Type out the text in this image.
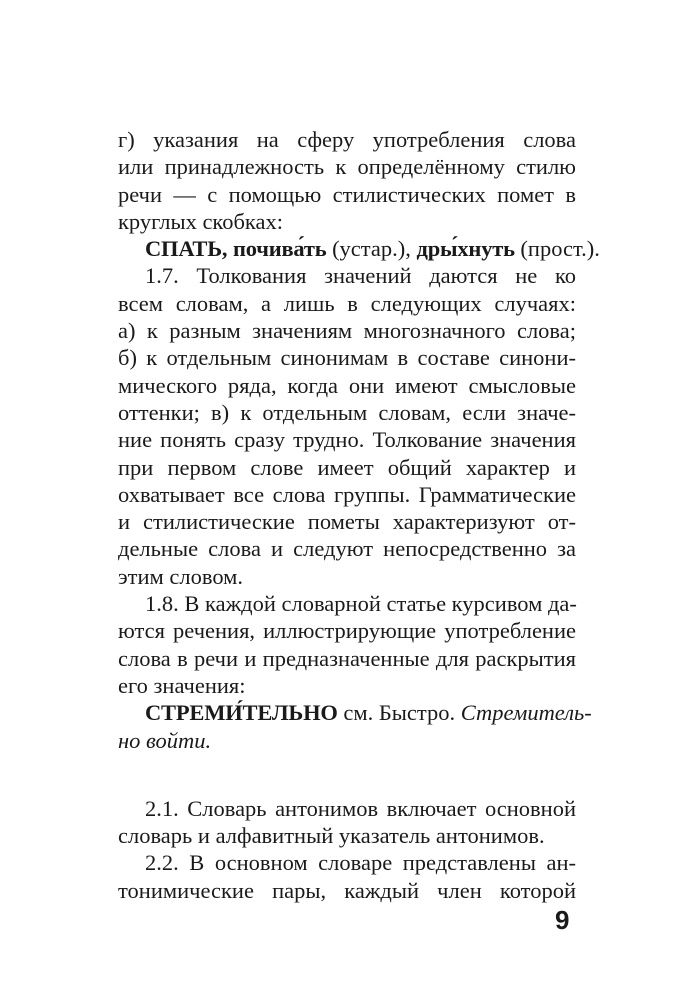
г) указания на сферу употребления слова
или принадлежность к определённому стилю
речи — с помощью стилистических помет в
круглых скобках:
СПАТЬ, почива́ть (устар.), дры́хнуть (прост.).
1.7. Толкования значений даются не ко
всем словам, а лишь в следующих случаях:
а) к разным значениям многозначного слова;
б) к отдельным синонимам в составе синони-
мического ряда, когда они имеют смысловые
оттенки; в) к отдельным словам, если значе-
ние понять сразу трудно. Толкование значения
при первом слове имеет общий характер и
охватывает все слова группы. Грамматические
и стилистические пометы характеризуют от-
дельные слова и следуют непосредственно за
этим словом.
1.8. В каждой словарной статье курсивом да-
ются речения, иллюстрирующие употребление
слова в речи и предназначенные для раскрытия
его значения:
СТРЕМИ́ТЕЛЬНО см. Быстро. Стремитель-
но войти.
2.1. Словарь антонимов включает основной
словарь и алфавитный указатель антонимов.
2.2. В основном словаре представлены ан-
тонимические пары, каждый член которой
9
